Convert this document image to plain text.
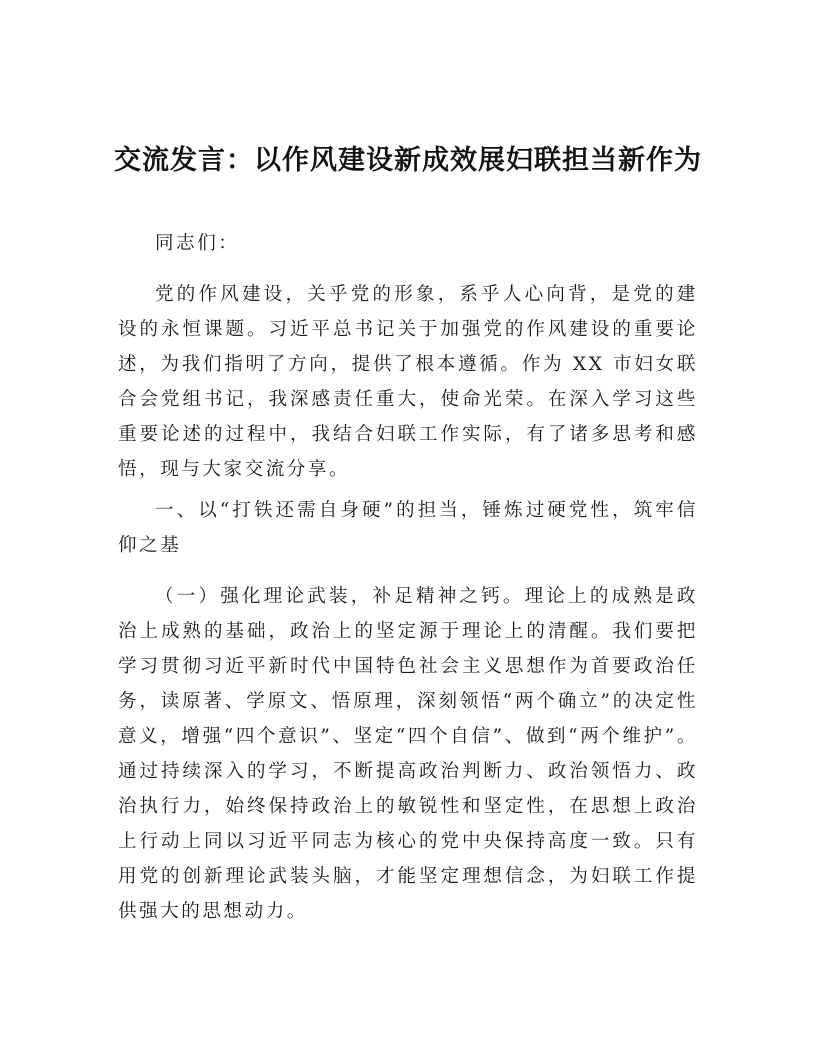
交流发言：以作风建设新成效展妇联担当新作为

同志们：

党的作风建设，关乎党的形象，系乎人心向背，是党的建设的永恒课题。习近平总书记关于加强党的作风建设的重要论述，为我们指明了方向，提供了根本遵循。作为 XX 市妇女联合会党组书记，我深感责任重大，使命光荣。在深入学习这些重要论述的过程中，我结合妇联工作实际，有了诸多思考和感悟，现与大家交流分享。

一、以“打铁还需自身硬”的担当，锤炼过硬党性，筑牢信仰之基

（一）强化理论武装，补足精神之钙。理论上的成熟是政治上成熟的基础，政治上的坚定源于理论上的清醒。我们要把学习贯彻习近平新时代中国特色社会主义思想作为首要政治任务，读原著、学原文、悟原理，深刻领悟“两个确立”的决定性意义，增强“四个意识”、坚定“四个自信”、做到“两个维护”。通过持续深入的学习，不断提高政治判断力、政治领悟力、政治执行力，始终保持政治上的敏锐性和坚定性，在思想上政治上行动上同以习近平同志为核心的党中央保持高度一致。只有用党的创新理论武装头脑，才能坚定理想信念，为妇联工作提供强大的思想动力。
